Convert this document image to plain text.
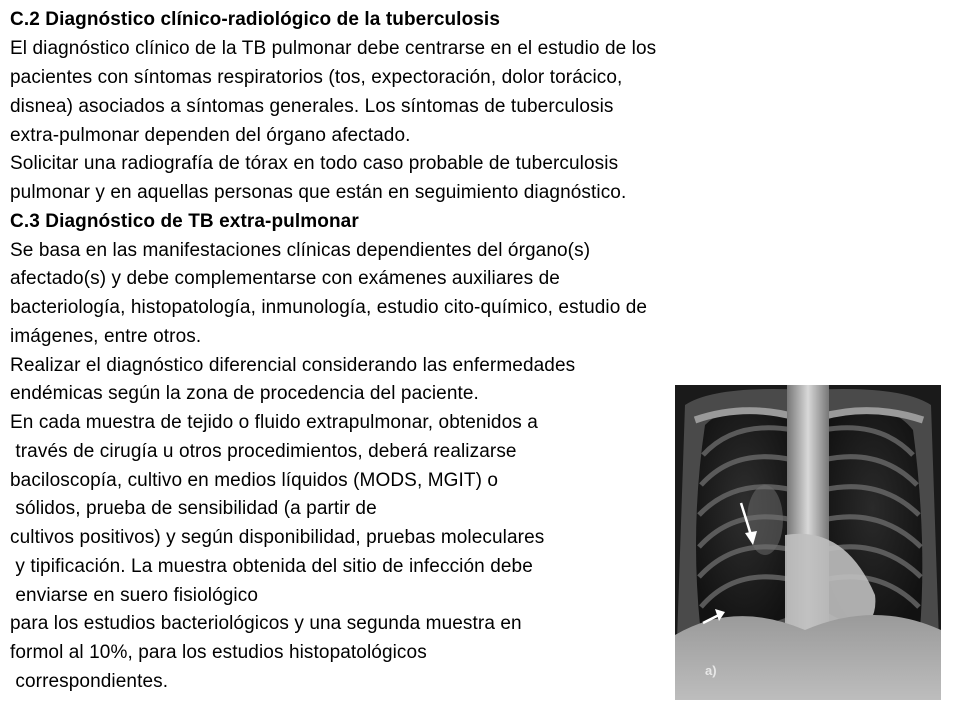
C.2 Diagnóstico clínico-radiológico de la tuberculosis
El diagnóstico clínico de la TB pulmonar debe centrarse en el estudio de los
pacientes con síntomas respiratorios (tos, expectoración, dolor torácico,
disnea) asociados a síntomas generales. Los síntomas de tuberculosis
extra-pulmonar dependen del órgano afectado.
Solicitar una radiografía de tórax en todo caso probable de tuberculosis
pulmonar y en aquellas personas que están en seguimiento diagnóstico.
C.3 Diagnóstico de TB extra-pulmonar
Se basa en las manifestaciones clínicas dependientes del órgano(s)
afectado(s) y debe complementarse con exámenes auxiliares de
bacteriología, histopatología, inmunología, estudio cito-químico, estudio de
imágenes, entre otros.
Realizar el diagnóstico diferencial considerando las enfermedades
endémicas según la zona de procedencia del paciente.
En cada muestra de tejido o fluido extrapulmonar, obtenidos a
través de cirugía u otros procedimientos, deberá realizarse
baciloscopía, cultivo en medios líquidos (MODS, MGIT) o
sólidos, prueba de sensibilidad (a partir de
cultivos positivos) y según disponibilidad, pruebas moleculares
y tipificación. La muestra obtenida del sitio de infección debe
enviarse en suero fisiológico
para los estudios bacteriológicos y una segunda muestra en
formol al 10%, para los estudios histopatológicos
correspondientes.
a)
